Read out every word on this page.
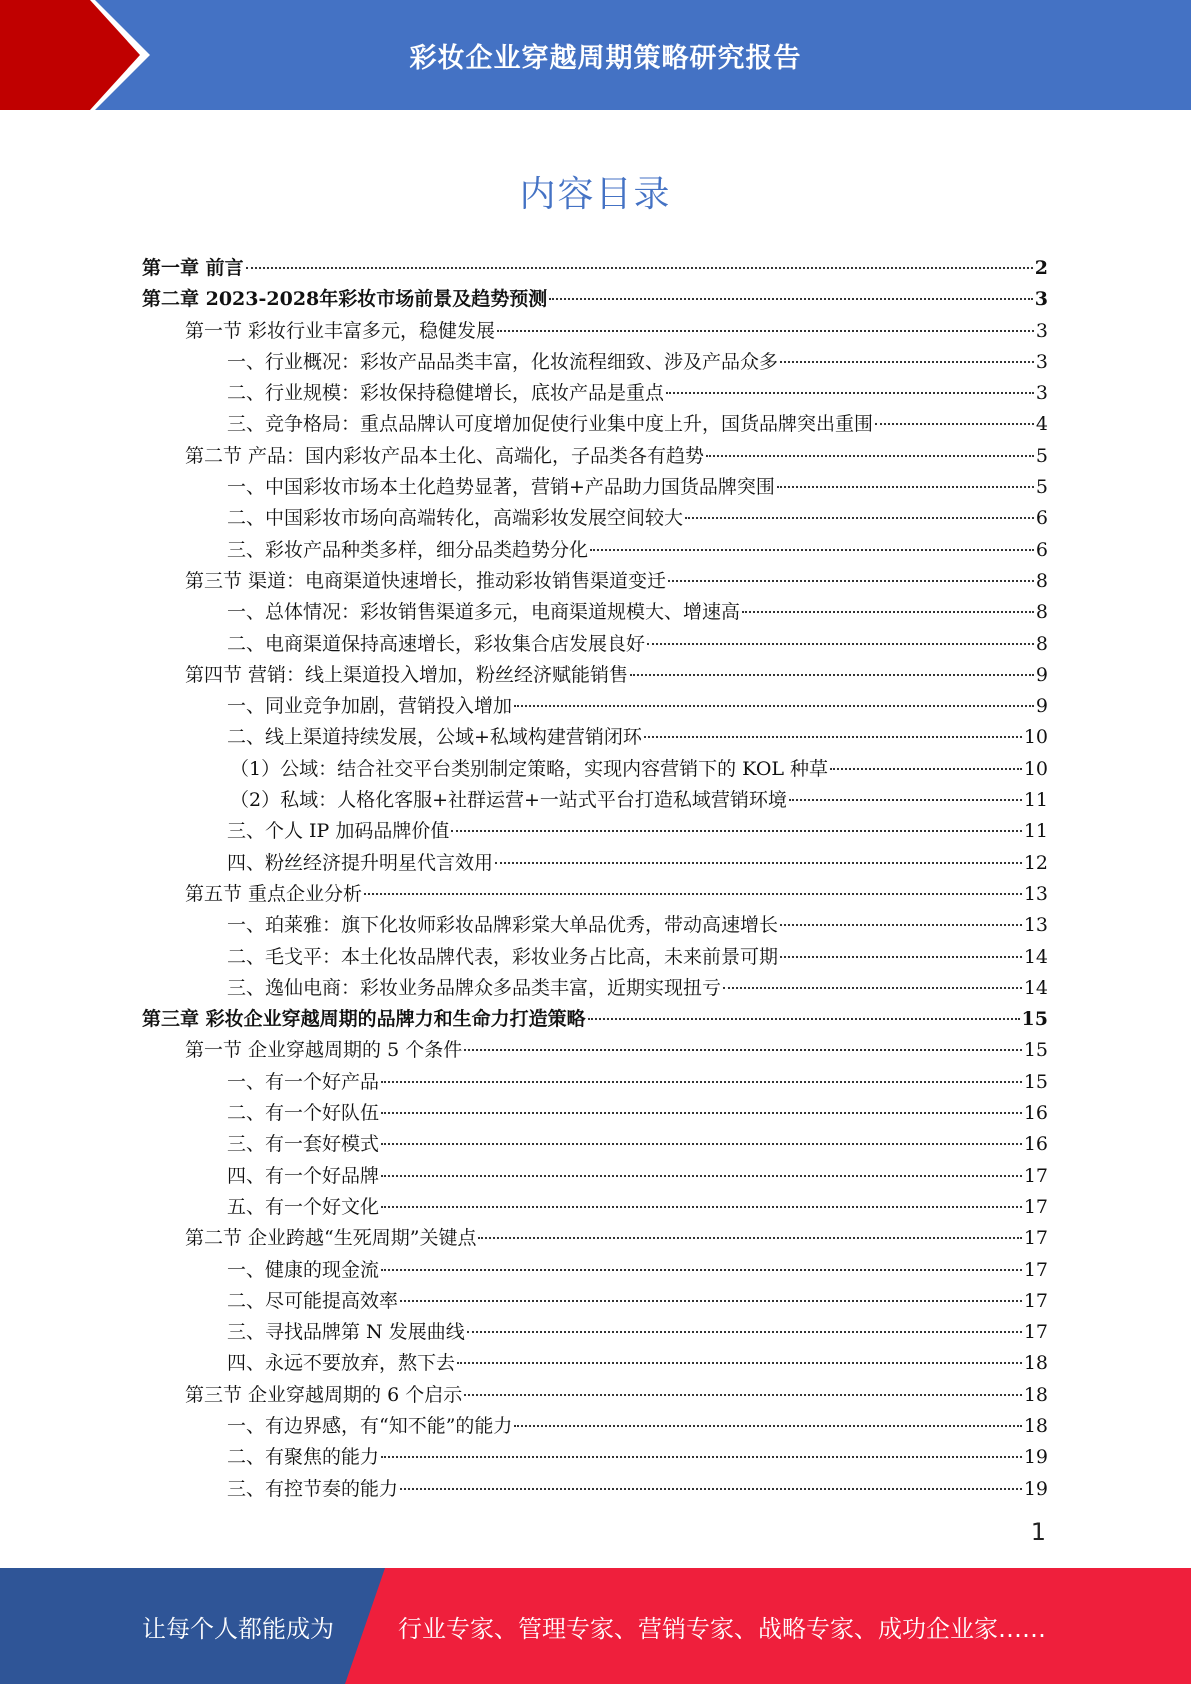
彩妆企业穿越周期策略研究报告
内容目录
第一章 前言	2
第二章 2023-2028年彩妆市场前景及趋势预测	3
第一节 彩妆行业丰富多元，稳健发展	3
一、行业概况：彩妆产品品类丰富，化妆流程细致、涉及产品众多	3
二、行业规模：彩妆保持稳健增长，底妆产品是重点	3
三、竞争格局：重点品牌认可度增加促使行业集中度上升，国货品牌突出重围	4
第二节 产品：国内彩妆产品本土化、高端化，子品类各有趋势	5
一、中国彩妆市场本土化趋势显著，营销+产品助力国货品牌突围	5
二、中国彩妆市场向高端转化，高端彩妆发展空间较大	6
三、彩妆产品种类多样，细分品类趋势分化	6
第三节 渠道：电商渠道快速增长，推动彩妆销售渠道变迁	8
一、总体情况：彩妆销售渠道多元，电商渠道规模大、增速高	8
二、电商渠道保持高速增长，彩妆集合店发展良好	8
第四节 营销：线上渠道投入增加，粉丝经济赋能销售	9
一、同业竞争加剧，营销投入增加	9
二、线上渠道持续发展，公域+私域构建营销闭环	10
（1）公域：结合社交平台类别制定策略，实现内容营销下的 KOL 种草	10
（2）私域：人格化客服+社群运营+一站式平台打造私域营销环境	11
三、个人 IP 加码品牌价值	11
四、粉丝经济提升明星代言效用	12
第五节 重点企业分析	13
一、珀莱雅：旗下化妆师彩妆品牌彩棠大单品优秀，带动高速增长	13
二、毛戈平：本土化妆品牌代表，彩妆业务占比高，未来前景可期	14
三、逸仙电商：彩妆业务品牌众多品类丰富，近期实现扭亏	14
第三章 彩妆企业穿越周期的品牌力和生命力打造策略	15
第一节 企业穿越周期的 5 个条件	15
一、有一个好产品	15
二、有一个好队伍	16
三、有一套好模式	16
四、有一个好品牌	17
五、有一个好文化	17
第二节 企业跨越“生死周期”关键点	17
一、健康的现金流	17
二、尽可能提高效率	17
三、寻找品牌第 N 发展曲线	17
四、永远不要放弃，熬下去	18
第三节 企业穿越周期的 6 个启示	18
一、有边界感，有“知不能”的能力	18
二、有聚焦的能力	19
三、有控节奏的能力	19
1
让每个人都能成为	行业专家、管理专家、营销专家、战略专家、成功企业家……
